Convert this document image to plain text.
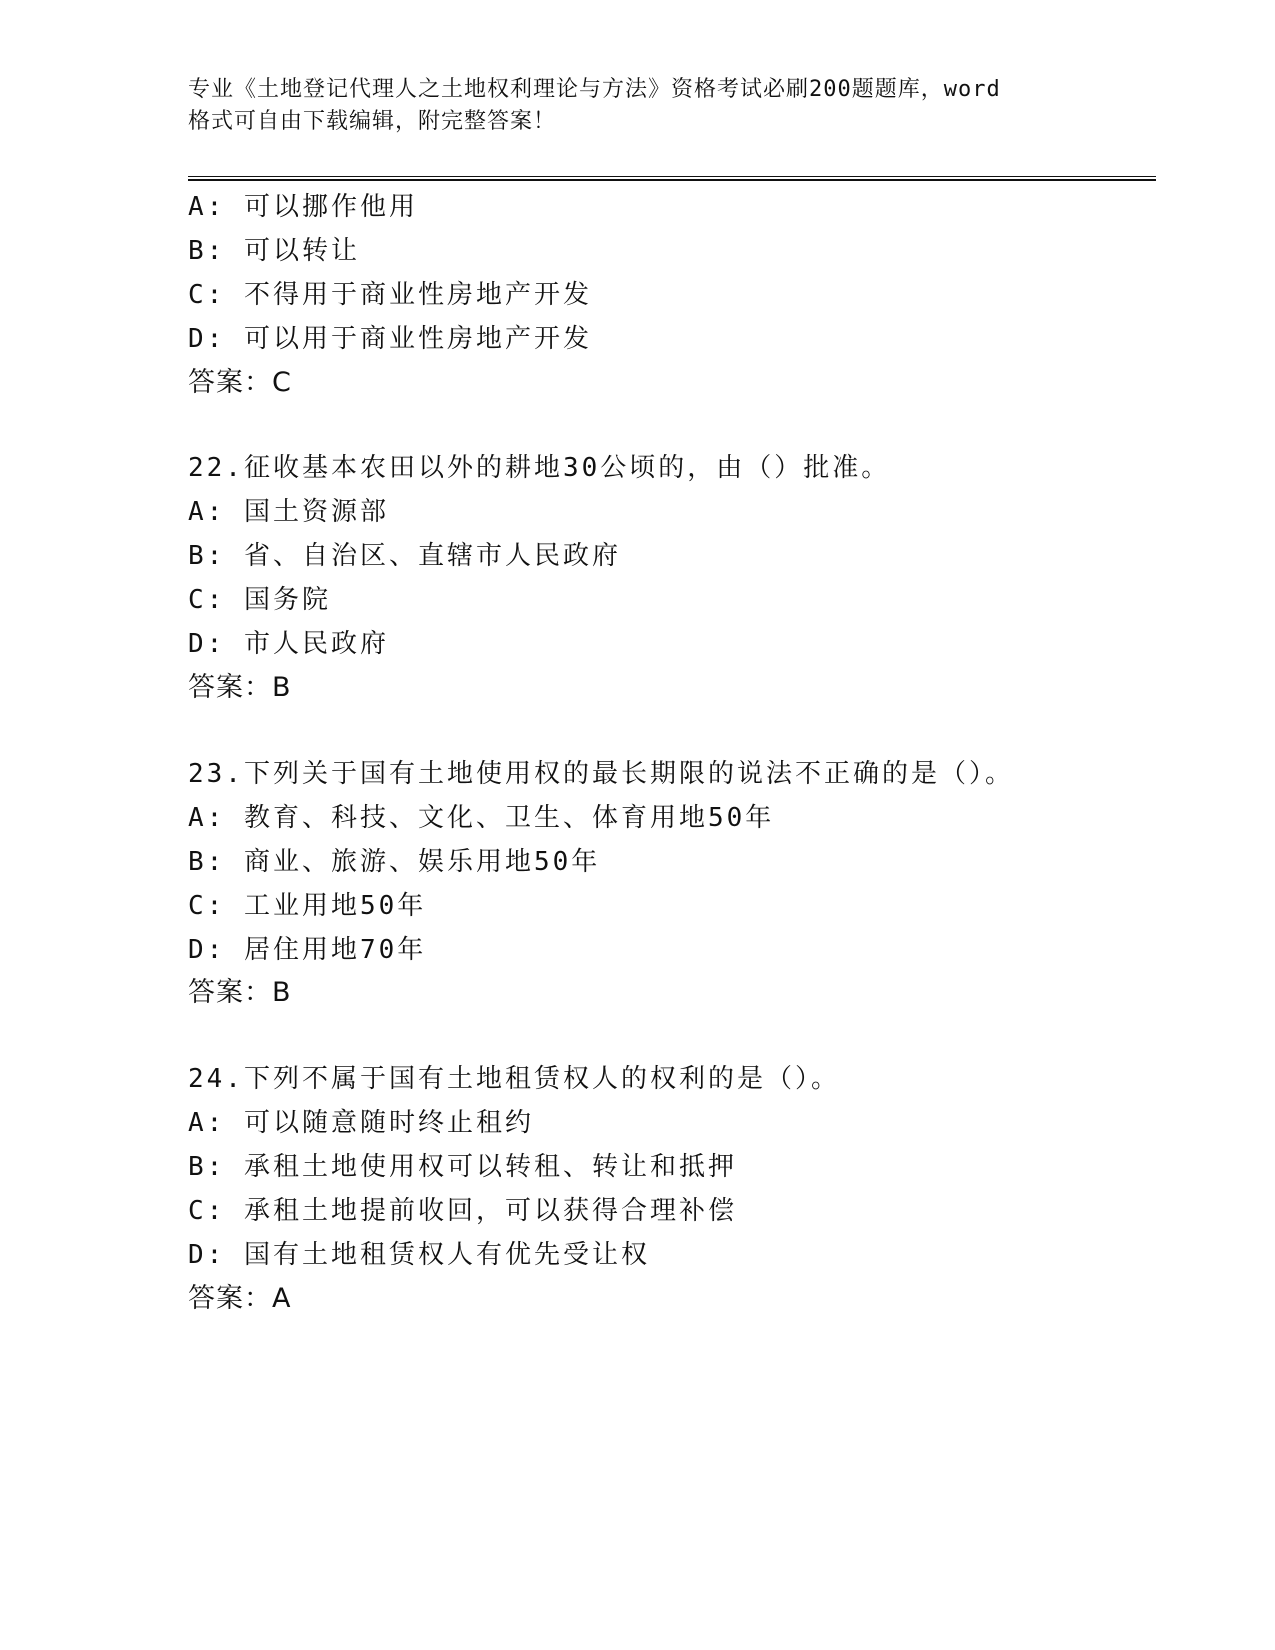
专业《土地登记代理人之土地权利理论与方法》资格考试必刷200题题库，word
格式可自由下载编辑，附完整答案！
A: 可以挪作他用
B: 可以转让
C: 不得用于商业性房地产开发
D: 可以用于商业性房地产开发
答案：C
22.征收基本农田以外的耕地30公顷的，由（）批准。
A: 国土资源部
B: 省、自治区、直辖市人民政府
C: 国务院
D: 市人民政府
答案：B
23.下列关于国有土地使用权的最长期限的说法不正确的是（）。
A: 教育、科技、文化、卫生、体育用地50年
B: 商业、旅游、娱乐用地50年
C: 工业用地50年
D: 居住用地70年
答案：B
24.下列不属于国有土地租赁权人的权利的是（）。
A: 可以随意随时终止租约
B: 承租土地使用权可以转租、转让和抵押
C: 承租土地提前收回，可以获得合理补偿
D: 国有土地租赁权人有优先受让权
答案：A
